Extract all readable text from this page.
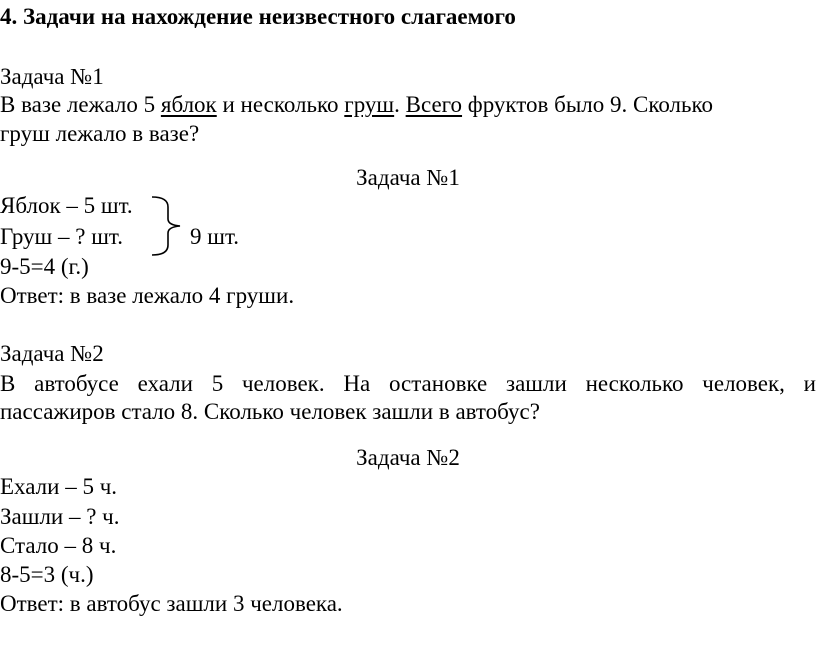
4. Задачи на нахождение неизвестного слагаемого
Задача №1
В вазе лежало 5 яблок и несколько груш. Всего фруктов было 9. Сколько
груш лежало в вазе?
Задача №1
Яблок – 5 шт.
Груш – ? шт.	9 шт.
9-5=4 (г.)
Ответ: в вазе лежало 4 груши.
Задача №2
В автобусе ехали 5 человек. На остановке зашли несколько человек, и
пассажиров стало 8. Сколько человек зашли в автобус?
Задача №2
Ехали – 5 ч.
Зашли – ? ч.
Стало – 8 ч.
8-5=3 (ч.)
Ответ: в автобус зашли 3 человека.
